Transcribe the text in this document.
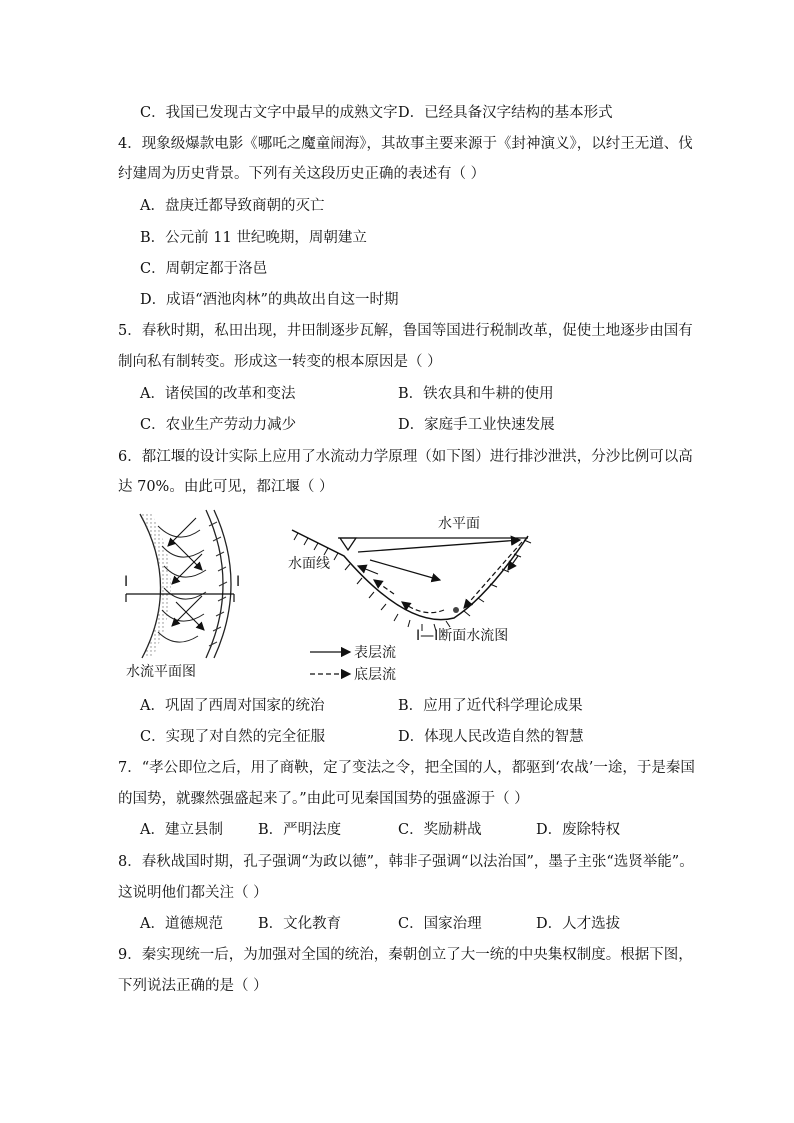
C．我国已发现古文字中最早的成熟文字 D．已经具备汉字结构的基本形式
4．现象级爆款电影《哪吒之魔童闹海》，其故事主要来源于《封神演义》，以纣王无道、伐
纣建周为历史背景。下列有关这段历史正确的表述有（ ）
A．盘庚迁都导致商朝的灭亡
B．公元前 11 世纪晚期，周朝建立
C．周朝定都于洛邑
D．成语“酒池肉林”的典故出自这一时期
5．春秋时期，私田出现，井田制逐步瓦解，鲁国等国进行税制改革，促使土地逐步由国有
制向私有制转变。形成这一转变的根本原因是（ ）
A．诸侯国的改革和变法	B．铁农具和牛耕的使用
C．农业生产劳动力减少	D．家庭手工业快速发展
6．都江堰的设计实际上应用了水流动力学原理（如下图）进行排沙泄洪，分沙比例可以高
达 70%。由此可见，都江堰（ ）
I	I
水流平面图
水平面
水面线
I—I断面水流图
表层流
底层流
A．巩固了西周对国家的统治	B．应用了近代科学理论成果
C．实现了对自然的完全征服	D．体现人民改造自然的智慧
7．“孝公即位之后，用了商鞅，定了变法之令，把全国的人，都驱到‘农战’一途，于是秦国
的国势，就骤然强盛起来了。”由此可见秦国国势的强盛源于（ ）
A．建立县制 B．严明法度	C．奖励耕战	D．废除特权
8．春秋战国时期，孔子强调“为政以德”，韩非子强调“以法治国”，墨子主张“选贤举能”。
这说明他们都关注（ ）
A．道德规范 B．文化教育	C．国家治理	D．人才选拔
9．秦实现统一后，为加强对全国的统治，秦朝创立了大一统的中央集权制度。根据下图，
下列说法正确的是（ ）
